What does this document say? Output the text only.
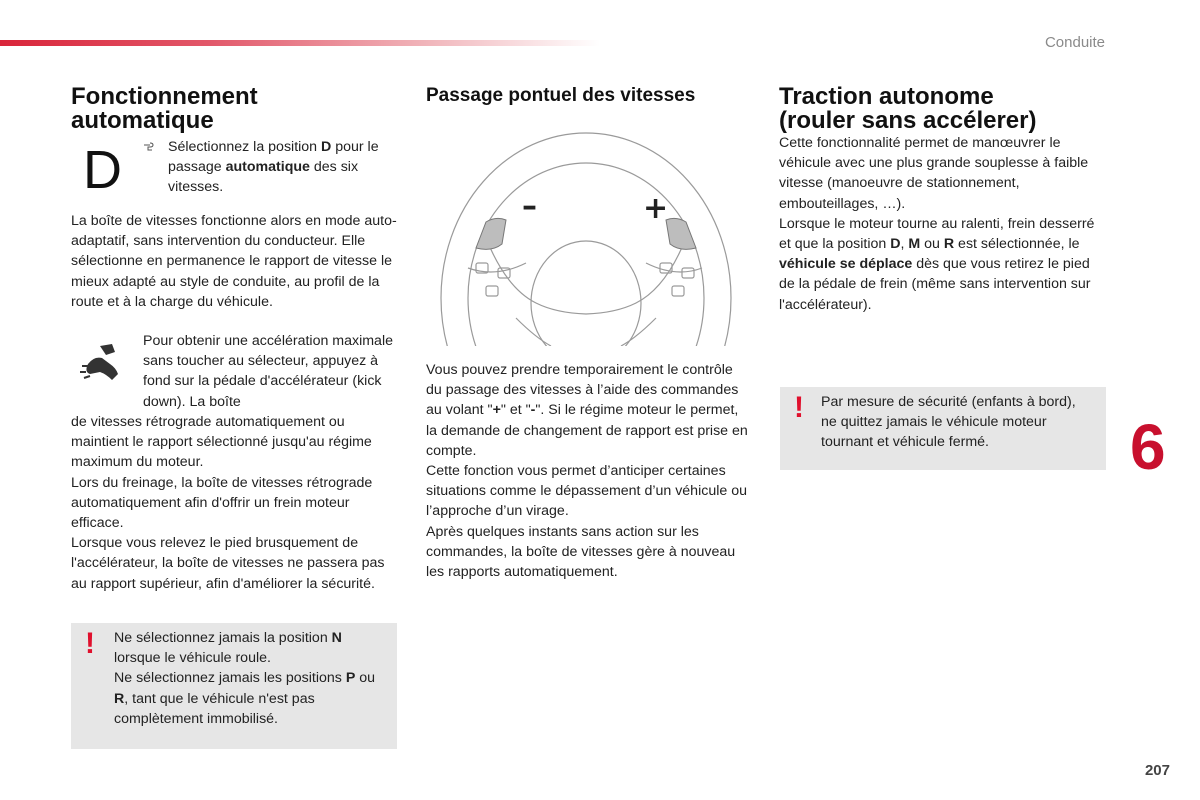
Conduite
6
207
Fonctionnement
automatique
D	Sélectionnez la position D pour le passage automatique des six vitesses.

La boîte de vitesses fonctionne alors en mode auto-adaptatif, sans intervention du conducteur. Elle sélectionne en permanence le rapport de vitesse le mieux adapté au style de conduite, au profil de la route et à la charge du véhicule.

Pour obtenir une accélération maximale sans toucher au sélecteur, appuyez à fond sur la pédale d'accélérateur (kick down). La boîte

de vitesses rétrograde automatiquement ou maintient le rapport sélectionné jusqu'au régime maximum du moteur.

Lors du freinage, la boîte de vitesses rétrograde automatiquement afin d'offrir un frein moteur efficace.

Lorsque vous relevez le pied brusquement de l'accélérateur, la boîte de vitesses ne passera pas au rapport supérieur, afin d'améliorer la sécurité.

! Ne sélectionnez jamais la position N lorsque le véhicule roule.
Ne sélectionnez jamais les positions P ou R, tant que le véhicule n'est pas complètement immobilisé.
Passage pontuel des vitesses
–	+

Vous pouvez prendre temporairement le contrôle du passage des vitesses à l’aide des commandes au volant "+" et "-". Si le régime moteur le permet, la demande de changement de rapport est prise en compte.

Cette fonction vous permet d’anticiper certaines situations comme le dépassement d’un véhicule ou l’approche d’un virage.

Après quelques instants sans action sur les commandes, la boîte de vitesses gère à nouveau les rapports automatiquement.

Traction autonome
(rouler sans accélerer)

Cette fonctionnalité permet de manœuvrer le véhicule avec une plus grande souplesse à faible vitesse (manoeuvre de stationnement, embouteillages, …).

Lorsque le moteur tourne au ralenti, frein desserré et que la position D, M ou R est sélectionnée, le véhicule se déplace dès que vous retirez le pied de la pédale de frein (même sans intervention sur l'accélérateur).

! Par mesure de sécurité (enfants à bord), ne quittez jamais le véhicule moteur tournant et véhicule fermé.
